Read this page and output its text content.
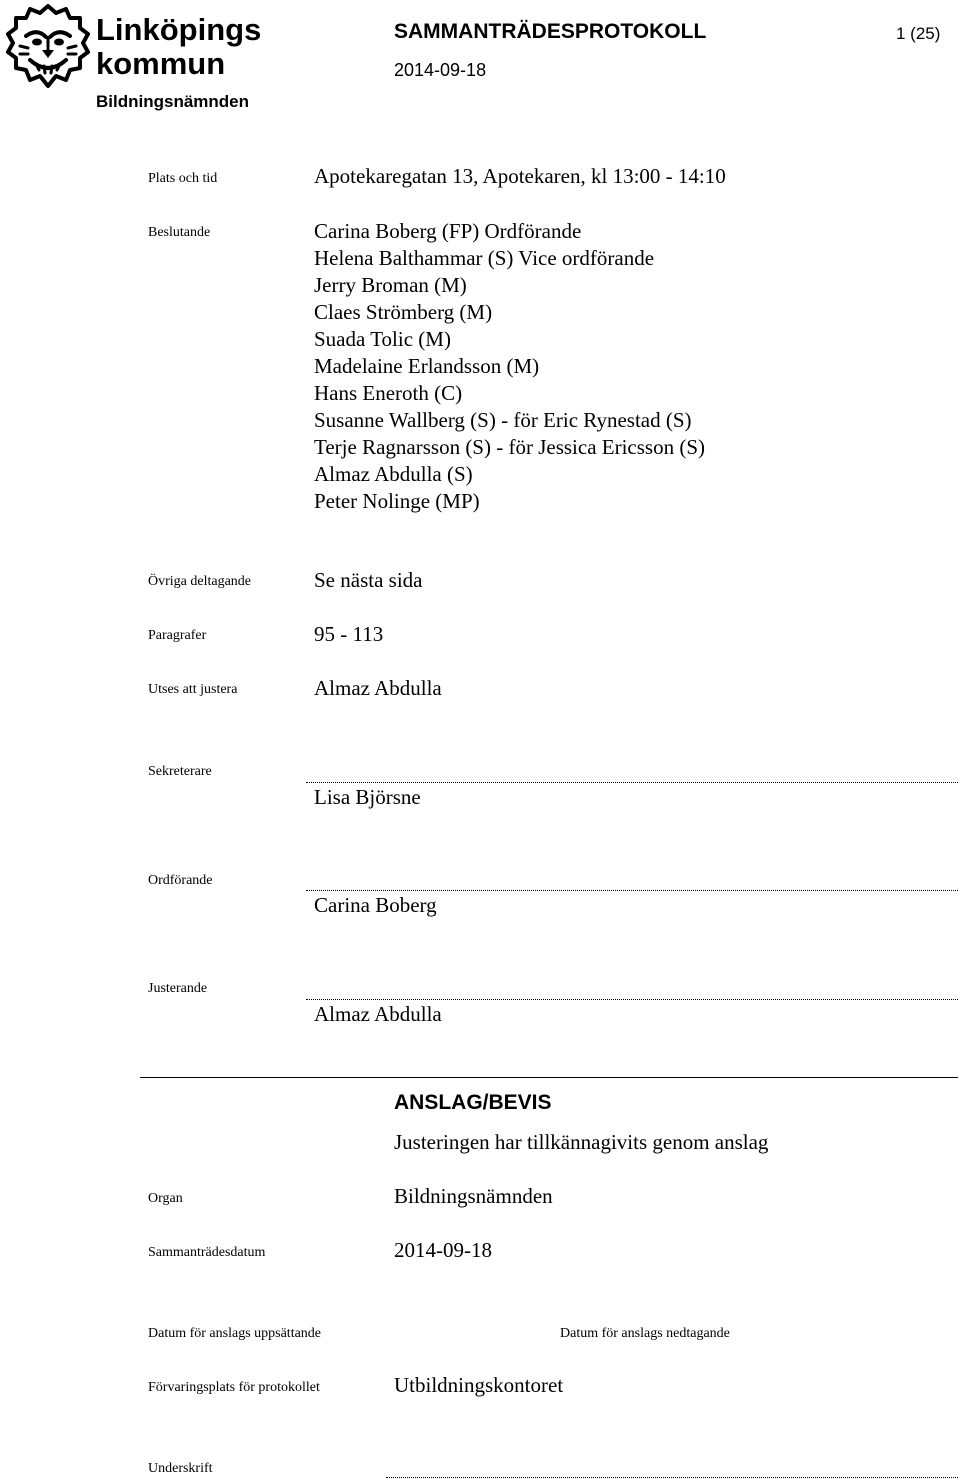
Linköpings
kommun
Bildningsnämnden
SAMMANTRÄDESPROTOKOLL	1 (25)
2014-09-18
Plats och tid	Apotekaregatan 13, Apotekaren, kl 13:00 - 14:10
Beslutande	Carina Boberg (FP) Ordförande
Helena Balthammar (S) Vice ordförande
Jerry Broman (M)
Claes Strömberg (M)
Suada Tolic (M)
Madelaine Erlandsson (M)
Hans Eneroth (C)
Susanne Wallberg (S) - för Eric Rynestad (S)
Terje Ragnarsson (S) - för Jessica Ericsson (S)
Almaz Abdulla (S)
Peter Nolinge (MP)
Övriga deltagande	Se nästa sida
Paragrafer	95 - 113
Utses att justera	Almaz Abdulla
Sekreterare
Lisa Björsne
Ordförande
Carina Boberg
Justerande
Almaz Abdulla
ANSLAG/BEVIS
Justeringen har tillkännagivits genom anslag
Organ	Bildningsnämnden
Sammanträdesdatum	2014-09-18
Datum för anslags uppsättande	Datum för anslags nedtagande
Förvaringsplats för protokollet	Utbildningskontoret
Underskrift
